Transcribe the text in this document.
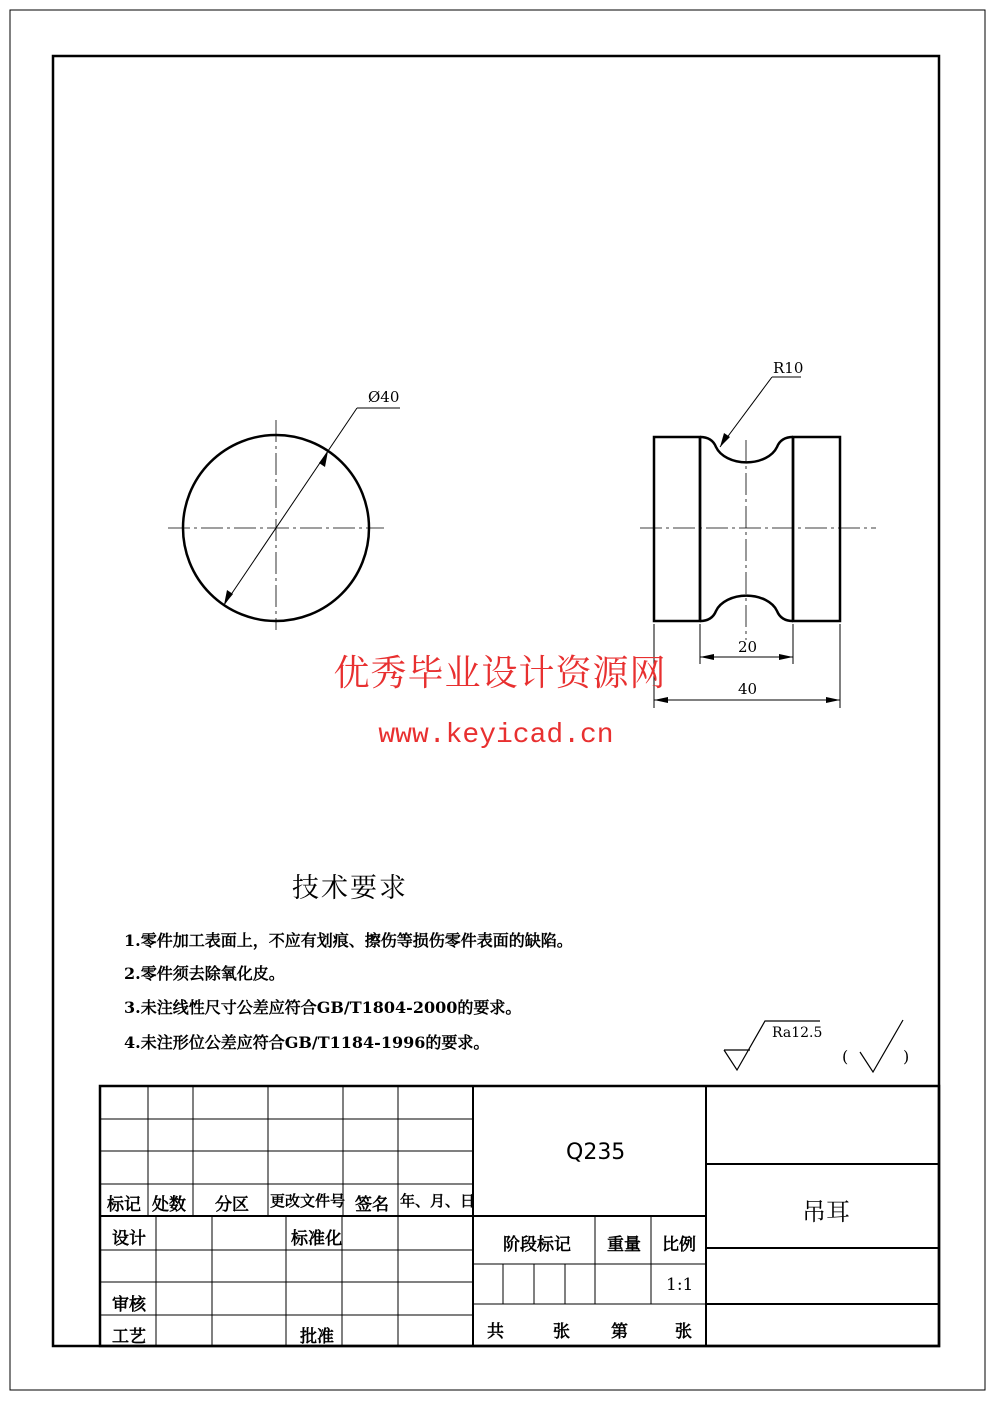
Ø40
R10
20
40
Ra12.5
(	)
优秀毕业设计资源网
www.keyicad.cn
技术要求
1.零件加工表面上，不应有划痕、擦伤等损伤零件表面的缺陷。
2.零件须去除氧化皮。
3.未注线性尺寸公差应符合GB/T1804-2000的要求。
4.未注形位公差应符合GB/T1184-1996的要求。
标记 处数 分区 更改文件号 签名 年、月、日
设计	标准化
审核
工艺	批准
Q235
阶段标记 重量 比例
1:1
共	张 第	张
吊耳
